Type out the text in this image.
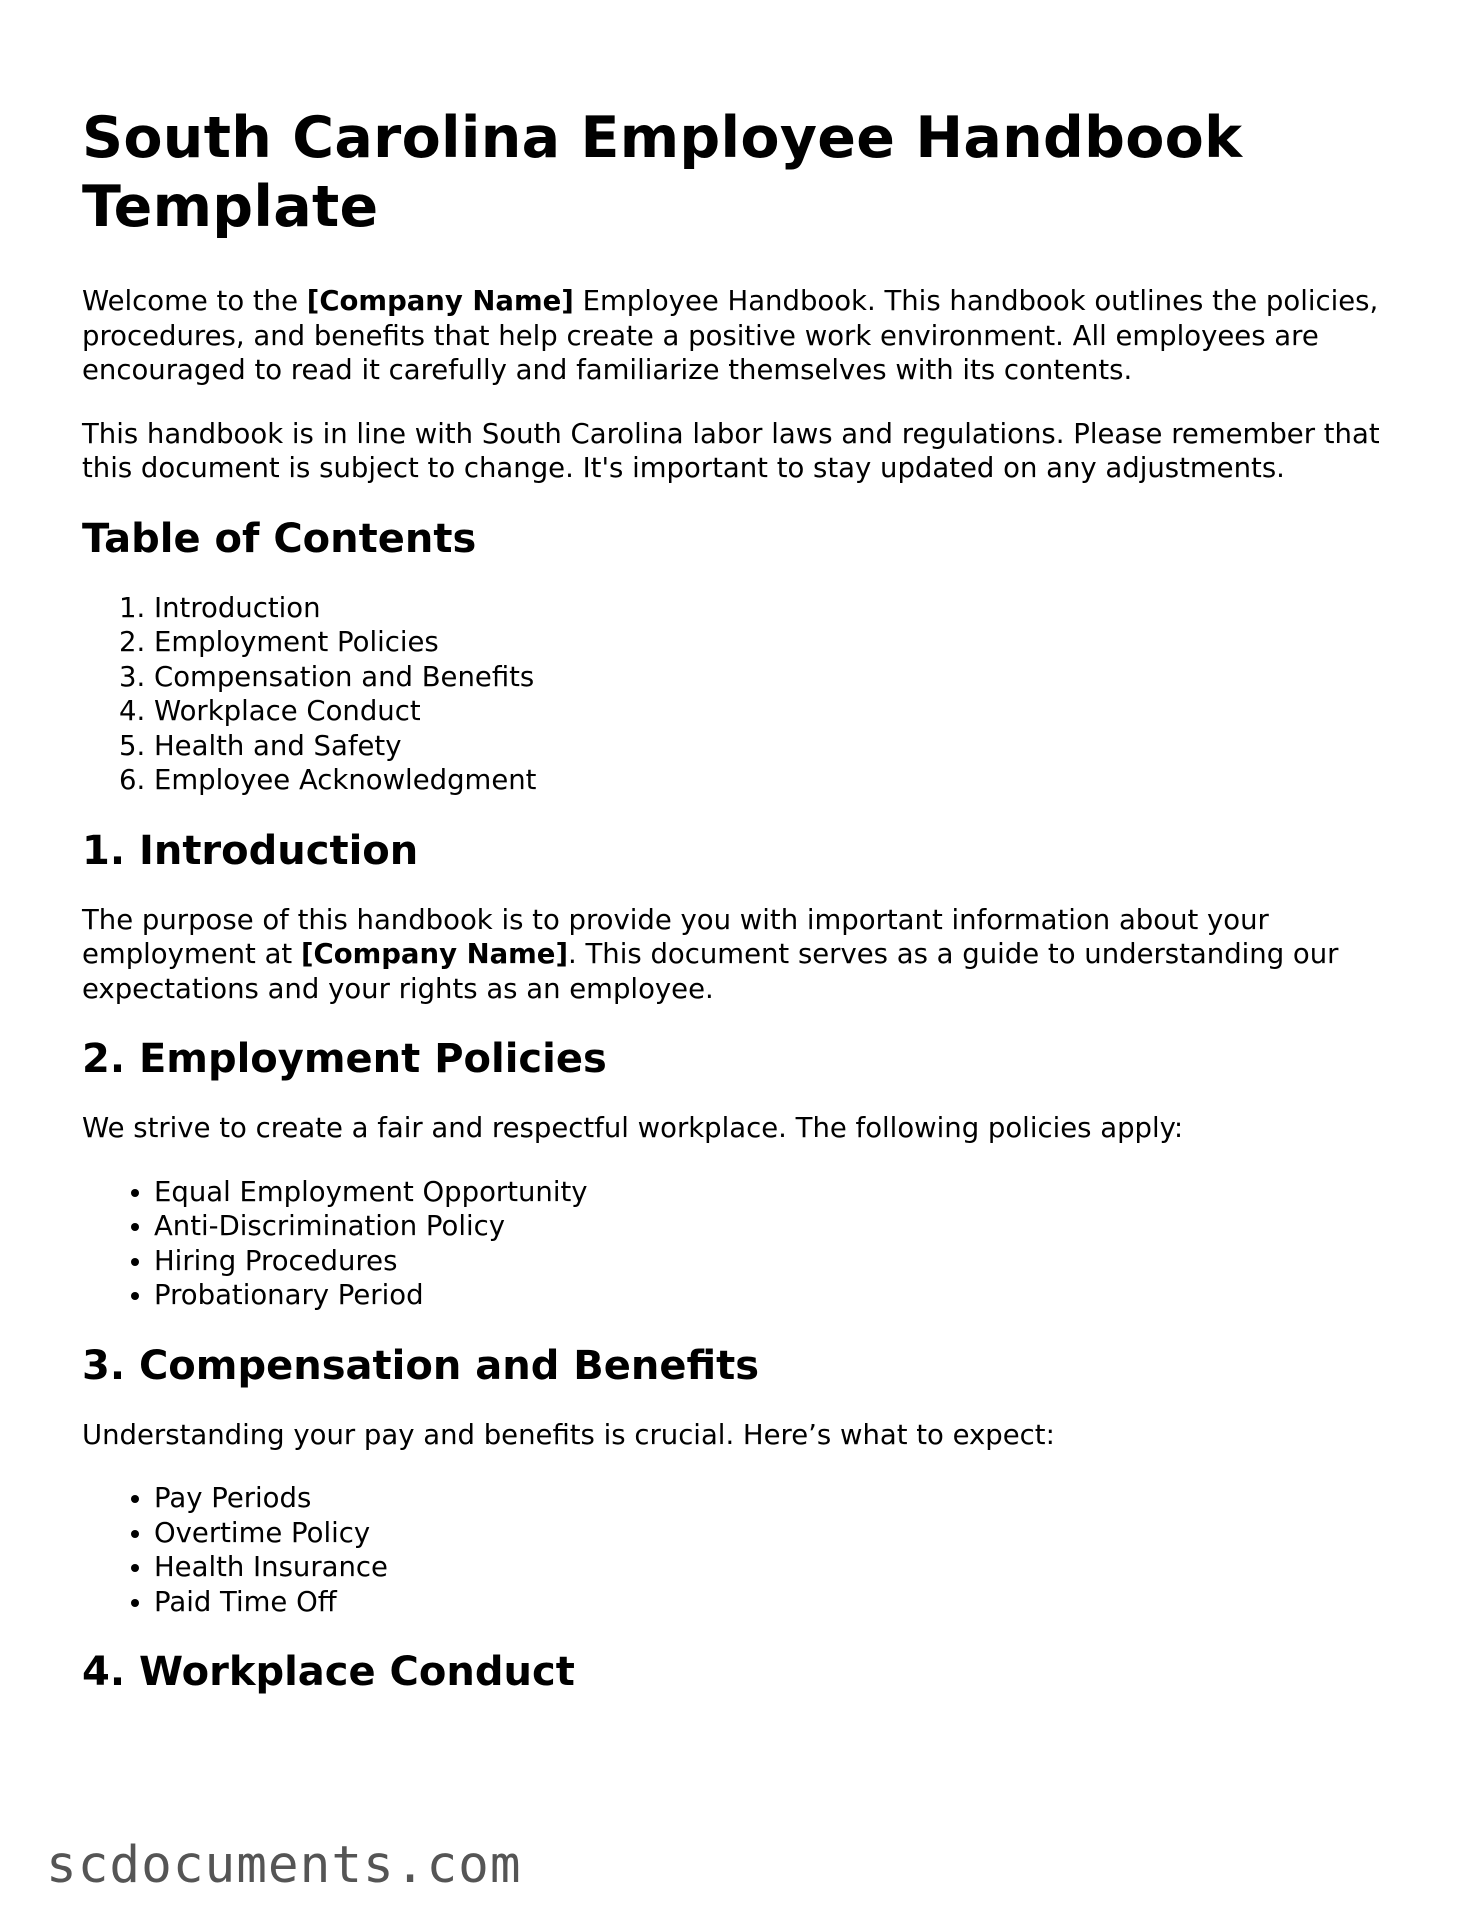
South Carolina Employee Handbook Template

Welcome to the [Company Name] Employee Handbook. This handbook outlines the policies, procedures, and benefits that help create a positive work environment. All employees are encouraged to read it carefully and familiarize themselves with its contents.

This handbook is in line with South Carolina labor laws and regulations. Please remember that this document is subject to change. It's important to stay updated on any adjustments.

Table of Contents
1. Introduction
2. Employment Policies
3. Compensation and Benefits
4. Workplace Conduct
5. Health and Safety
6. Employee Acknowledgment
1. Introduction

The purpose of this handbook is to provide you with important information about your employment at [Company Name]. This document serves as a guide to understanding our expectations and your rights as an employee.

2. Employment Policies

We strive to create a fair and respectful workplace. The following policies apply:

• Equal Employment Opportunity
• Anti-Discrimination Policy
• Hiring Procedures
• Probationary Period
3. Compensation and Benefits

Understanding your pay and benefits is crucial. Here’s what to expect:

• Pay Periods
• Overtime Policy
• Health Insurance
• Paid Time Off
4. Workplace Conduct
scdocuments.com
